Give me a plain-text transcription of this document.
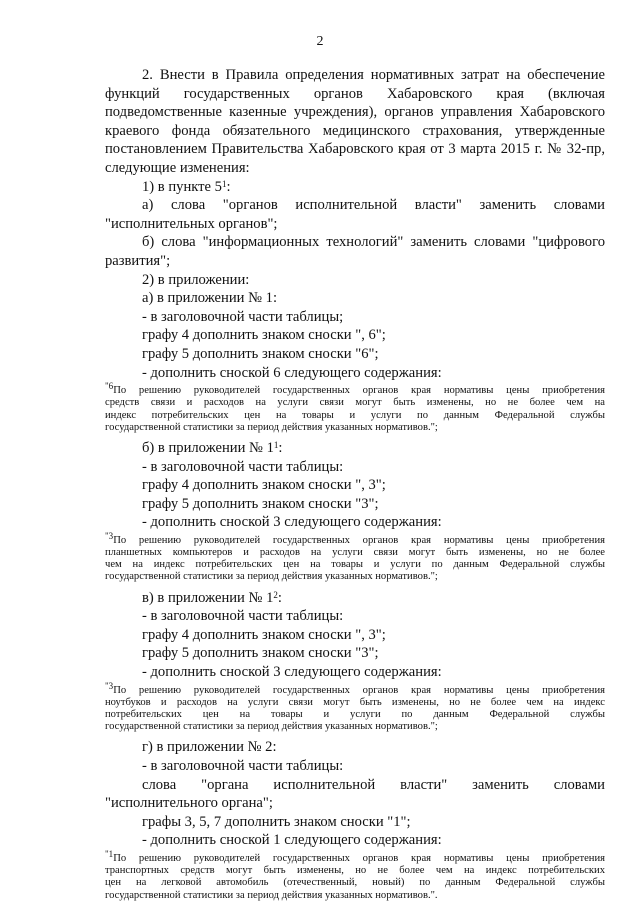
2
2. Внести в Правила определения нормативных затрат на обеспечение
функций государственных органов Хабаровского края (включая
подведомственные казенные учреждения), органов управления Хабаровского
краевого фонда обязательного медицинского страхования, утвержденные
постановлением Правительства Хабаровского края от 3 марта 2015 г. № 32-пр,
следующие изменения:
1) в пункте $5^1$:
а) слова "органов исполнительной власти" заменить словами
"исполнительных органов";
б) слова "информационных технологий" заменить словами "цифрового
развития";
2) в приложении:
а) в приложении № 1:
- в заголовочной части таблицы;
графу 4 дополнить знаком сноски ", 6";
графу 5 дополнить знаком сноски "6";
- дополнить сноской 6 следующего содержания:
$^{"6}$По решению руководителей государственных органов края нормативы цены приобретения
средств связи и расходов на услуги связи могут быть изменены, но не более чем на
индекс потребительских цен на товары и услуги по данным Федеральной службы
государственной статистики за период действия указанных нормативов.";
б) в приложении № $1^1$:
- в заголовочной части таблицы:
графу 4 дополнить знаком сноски ", 3";
графу 5 дополнить знаком сноски "3";
- дополнить сноской 3 следующего содержания:
$^{"3}$По решению руководителей государственных органов края нормативы цены приобретения
планшетных компьютеров и расходов на услуги связи могут быть изменены, но не более
чем на индекс потребительских цен на товары и услуги по данным Федеральной службы
государственной статистики за период действия указанных нормативов.";
в) в приложении № $1^2$:
- в заголовочной части таблицы:
графу 4 дополнить знаком сноски ", 3";
графу 5 дополнить знаком сноски "3";
- дополнить сноской 3 следующего содержания:
$^{"3}$По решению руководителей государственных органов края нормативы цены приобретения
ноутбуков и расходов на услуги связи могут быть изменены, но не более чем на индекс
потребительских цен на товары и услуги по данным Федеральной службы
государственной статистики за период действия указанных нормативов.";
г) в приложении № 2:
- в заголовочной части таблицы:
слова "органа исполнительной власти" заменить словами
"исполнительного органа";
графы 3, 5, 7 дополнить знаком сноски "1";
- дополнить сноской 1 следующего содержания:
$^{"1}$По решению руководителей государственных органов края нормативы цены приобретения
транспортных средств могут быть изменены, но не более чем на индекс потребительских
цен на легковой автомобиль (отечественный, новый) по данным Федеральной службы
государственной статистики за период действия указанных нормативов.".
